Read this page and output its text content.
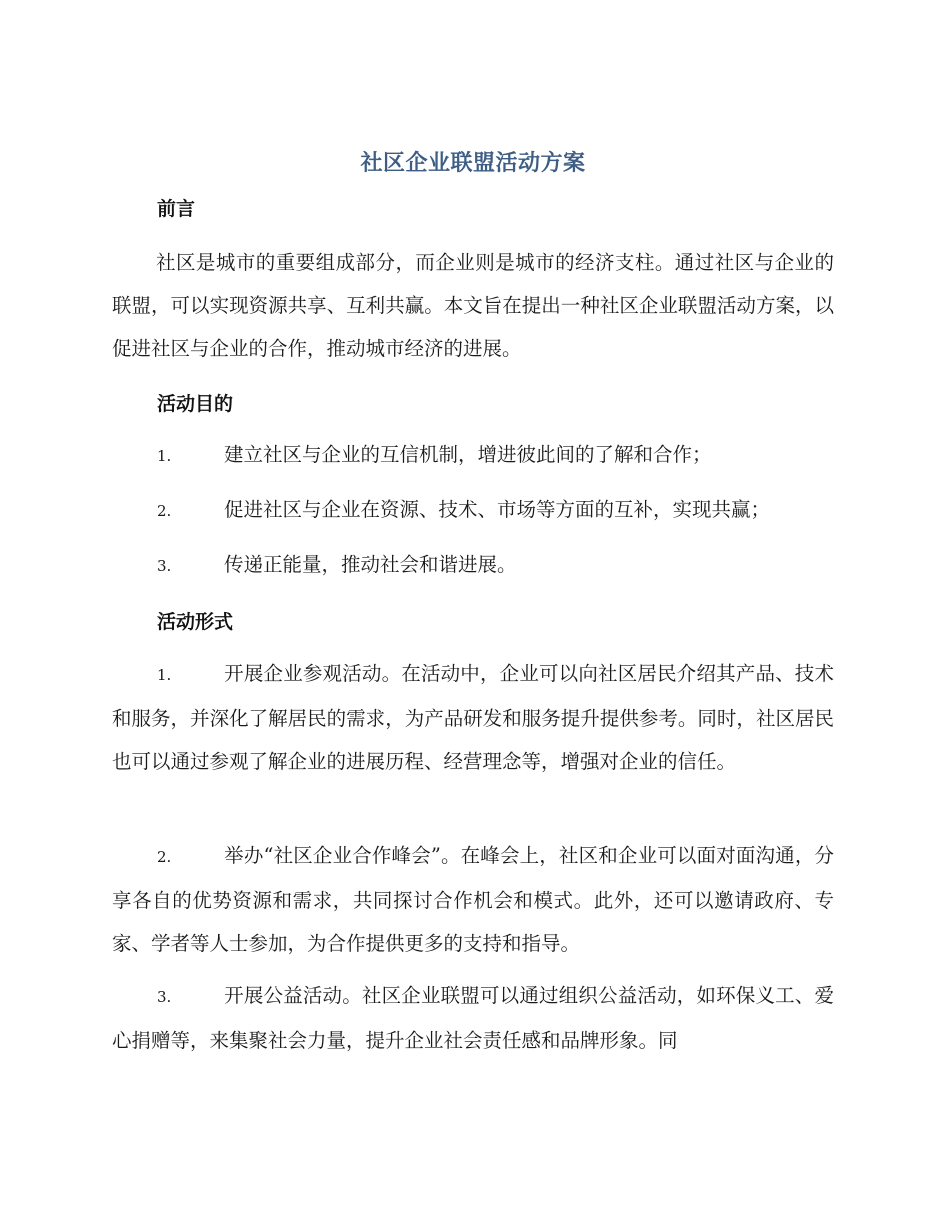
社区企业联盟活动方案
前言

社区是城市的重要组成部分，而企业则是城市的经济支柱。通过社区与企业的联盟，可以实现资源共享、互利共赢。本文旨在提出一种社区企业联盟活动方案，以促进社区与企业的合作，推动城市经济的进展。

活动目的

1.	建立社区与企业的互信机制，增进彼此间的了解和合作；

2.	促进社区与企业在资源、技术、市场等方面的互补，实现共赢；

3.	传递正能量，推动社会和谐进展。

活动形式

1.	开展企业参观活动。在活动中，企业可以向社区居民介绍其产品、技术和服务，并深化了解居民的需求，为产品研发和服务提升提供参考。同时，社区居民也可以通过参观了解企业的进展历程、经营理念等，增强对企业的信任。

2.	举办“社区企业合作峰会”。在峰会上，社区和企业可以面对面沟通，分享各自的优势资源和需求，共同探讨合作机会和模式。此外，还可以邀请政府、专家、学者等人士参加，为合作提供更多的支持和指导。

3.	开展公益活动。社区企业联盟可以通过组织公益活动，如环保义工、爱心捐赠等，来集聚社会力量，提升企业社会责任感和品牌形象。同
